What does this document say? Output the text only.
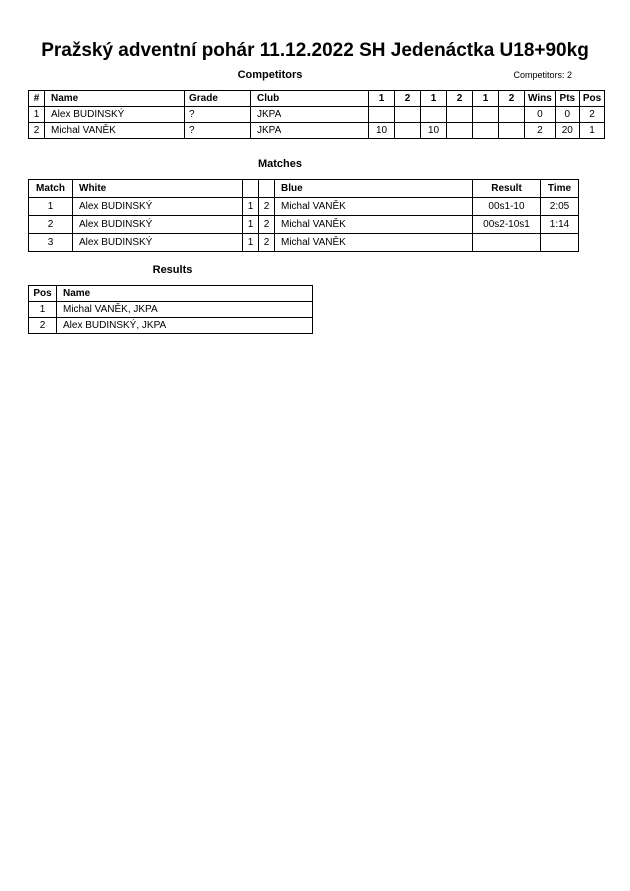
Pražský adventní pohár 11.12.2022 SH Jedenáctka U18+90kg
Competitors	Competitors: 2
#	Name	Grade	Club	1	2	1	2	1	2	Wins	Pts	Pos
1	Alex BUDINSKÝ	?	JKPA							0	0	2
2	Michal VANĚK	?	JKPA	10		10				2	20	1
Matches
Match	White			Blue	Result	Time
1	Alex BUDINSKÝ	1	2	Michal VANĚK	00s1-10	2:05
2	Alex BUDINSKÝ	1	2	Michal VANĚK	00s2-10s1	1:14
3	Alex BUDINSKÝ	1	2	Michal VANĚK		
Results
Pos	Name
1	Michal VANĚK, JKPA
2	Alex BUDINSKÝ, JKPA
